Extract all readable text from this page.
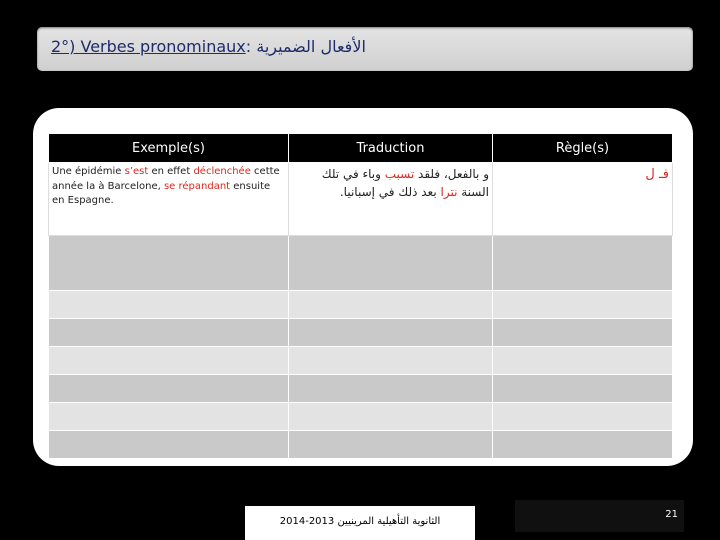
2°) Verbes pronominaux: الأفعال الضميرية
Exemple(s)	Traduction	Règle(s)
Une épidémie s’est en effet déclenchée cette année la à Barcelone, se répandant ensuite en Espagne.	و بالفعل، فلقد تسبب وباء في تلك السنة نترا بعد ذلك في إسبانيا.	فـ ل

الثانوية التأهيلية المرينيين 2013-2014
21
